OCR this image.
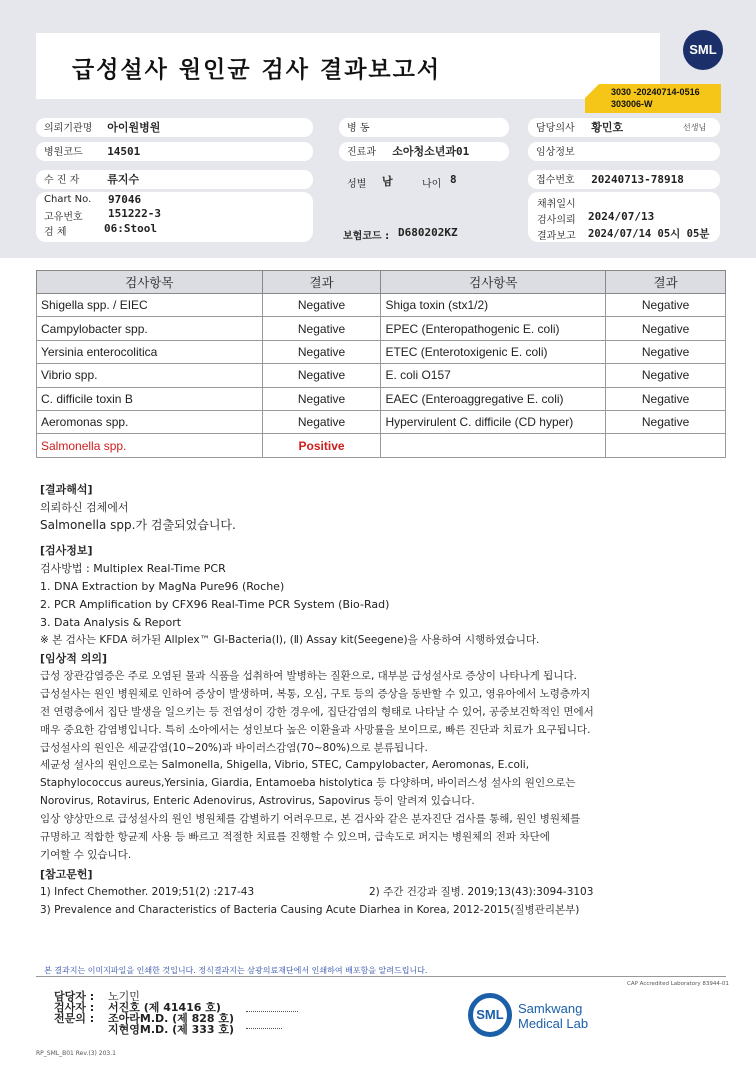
급성설사 원인균 검사 결과보고서
SML
3030 -20240714-0516
303006-W
의뢰기관명 아이원병원
병원코드 14501
수 진 자	류지수
Chart No. 97046
고유번호 151222-3
검 체	06:Stool
병 동
진료과 소아청소년과01
성별 남	나이 8
보험코드 : D680202KZ
담당의사 황민호	선생님
임상정보
접수번호 20240713-78918
채취일시
검사의뢰 2024/07/13
결과보고 2024/07/14 05시 05분
검사항목	결과	검사항목	결과
Shigella spp. / EIEC	Negative	Shiga toxin (stx1/2)	Negative
Campylobacter spp.	Negative	EPEC (Enteropathogenic E. coli)	Negative
Yersinia enterocolitica	Negative	ETEC (Enterotoxigenic E. coli)	Negative
Vibrio spp.	Negative	E. coli O157	Negative
C. difficile toxin B	Negative	EAEC (Enteroaggregative E. coli)	Negative
Aeromonas spp.	Negative	Hypervirulent C. difficile (CD hyper)	Negative
Salmonella spp.	Positive		
[결과해석]
의뢰하신 검체에서
Salmonella spp.가 검출되었습니다.
[검사정보]
검사방법 : Multiplex Real-Time PCR
1. DNA Extraction by MagNa Pure96 (Roche)
2. PCR Amplification by CFX96 Real-Time PCR System (Bio-Rad)
3. Data Analysis & Report
※ 본 검사는 KFDA 허가된 Allplex™ GI-Bacteria(Ⅰ), (Ⅱ) Assay kit(Seegene)을 사용하여 시행하였습니다.
[임상적 의의]
급성 장관감염증은 주로 오염된 물과 식품을 섭취하여 발병하는 질환으로, 대부분 급성설사로 증상이 나타나게 됩니다.
급성설사는 원인 병원체로 인하여 증상이 발생하며, 복통, 오심, 구토 등의 증상을 동반할 수 있고, 영유아에서 노령층까지
전 연령층에서 집단 발생을 일으키는 등 전염성이 강한 경우에, 집단감염의 형태로 나타날 수 있어, 공중보건학적인 면에서
매우 중요한 감염병입니다. 특히 소아에서는 성인보다 높은 이환율과 사망률을 보이므로, 빠른 진단과 치료가 요구됩니다.
급성설사의 원인은 세균감염(10~20%)과 바이러스감염(70~80%)으로 분류됩니다.
세균성 설사의 원인으로는 Salmonella, Shigella, Vibrio, STEC, Campylobacter, Aeromonas, E.coli,
Staphylococcus aureus,Yersinia, Giardia, Entamoeba histolytica 등 다양하며, 바이러스성 설사의 원인으로는
Norovirus, Rotavirus, Enteric Adenovirus, Astrovirus, Sapovirus 등이 알려져 있습니다.
임상 양상만으로 급성설사의 원인 병원체를 감별하기 어려우므로, 본 검사와 같은 분자진단 검사를 통해, 원인 병원체를
규명하고 적합한 항균제 사용 등 빠르고 적절한 치료를 진행할 수 있으며, 급속도로 퍼지는 병원체의 전파 차단에
기여할 수 있습니다.
[참고문헌]
1) Infect Chemother. 2019;51(2) :217-43	2) 주간 건강과 질병. 2019;13(43):3094-3103
3) Prevalence and Characteristics of Bacteria Causing Acute Diarhea in Korea, 2012-2015(질병관리본부)
본 결과지는 이미지파일을 인쇄한 것입니다. 정식결과지는 삼광의료재단에서 인쇄하여 배포함을 알려드립니다.
CAP Accredited Laboratory 83944-01
담당자 : 노기민
검사자 : 서진호 (제 41416 호)
전문의 : 조아라M.D. (제 828 호)
지현영M.D. (제 333 호)
RP_SML_B01 Rev.(3) 203.1
SML	Samkwang
Medical Lab
